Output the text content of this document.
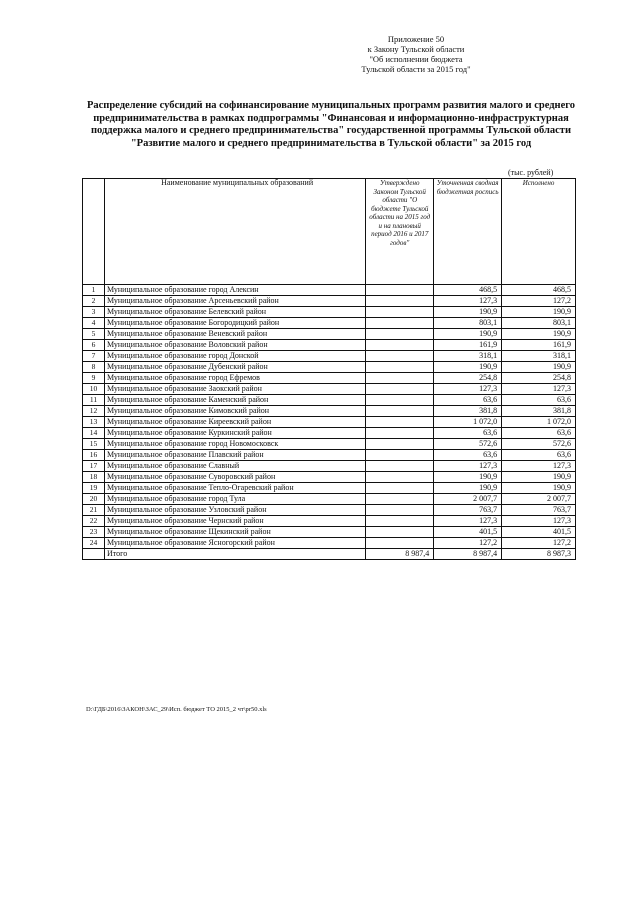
Приложение 50
к Закону Тульской области
"Об исполнении бюджета
Тульской области за 2015 год"
Распределение субсидий на софинансирование муниципальных программ развития малого и среднего предпринимательства в рамках подпрограммы "Финансовая и информационно-инфраструктурная поддержка малого и среднего предпринимательства" государственной программы Тульской области "Развитие малого и среднего предпринимательства в Тульской области" за 2015 год
(тыс. рублей)
	Наименование муниципальных образований	Утверждено Законом Тульской области "О бюджете Тульской области на 2015 год и на плановый период 2016 и 2017 годов"	Уточненная сводная бюджетная роспись	Исполнено
1	Муниципальное образование город Алексин		468,5	468,5
2	Муниципальное образование Арсеньевский район		127,3	127,2
3	Муниципальное образование Белевский район		190,9	190,9
4	Муниципальное образование Богородицкий район		803,1	803,1
5	Муниципальное образование Веневский район		190,9	190,9
6	Муниципальное образование Воловский район		161,9	161,9
7	Муниципальное образование город Донской		318,1	318,1
8	Муниципальное образование Дубенский район		190,9	190,9
9	Муниципальное образование город Ефремов		254,8	254,8
10	Муниципальное образование Заокский район		127,3	127,3
11	Муниципальное образование Каменский район		63,6	63,6
12	Муниципальное образование Кимовский район		381,8	381,8
13	Муниципальное образование Киреевский район		1 072,0	1 072,0
14	Муниципальное образование Куркинский район		63,6	63,6
15	Муниципальное образование город Новомосковск		572,6	572,6
16	Муниципальное образование Плавский район		63,6	63,6
17	Муниципальное образование Славный		127,3	127,3
18	Муниципальное образование Суворовский район		190,9	190,9
19	Муниципальное образование Тепло-Огаревский район		190,9	190,9
20	Муниципальное образование город Тула		2 007,7	2 007,7
21	Муниципальное образование Узловский район		763,7	763,7
22	Муниципальное образование Чернский район		127,3	127,3
23	Муниципальное образование Щекинский район		401,5	401,5
24	Муниципальное образование Ясногорский район		127,2	127,2
	Итого	8 987,4	8 987,4	8 987,3
D:\ГДБ\2016\ЗАКОН\ЗАС_29\Исп. бюджет ТО 2015_2 чт\pr50.xls
